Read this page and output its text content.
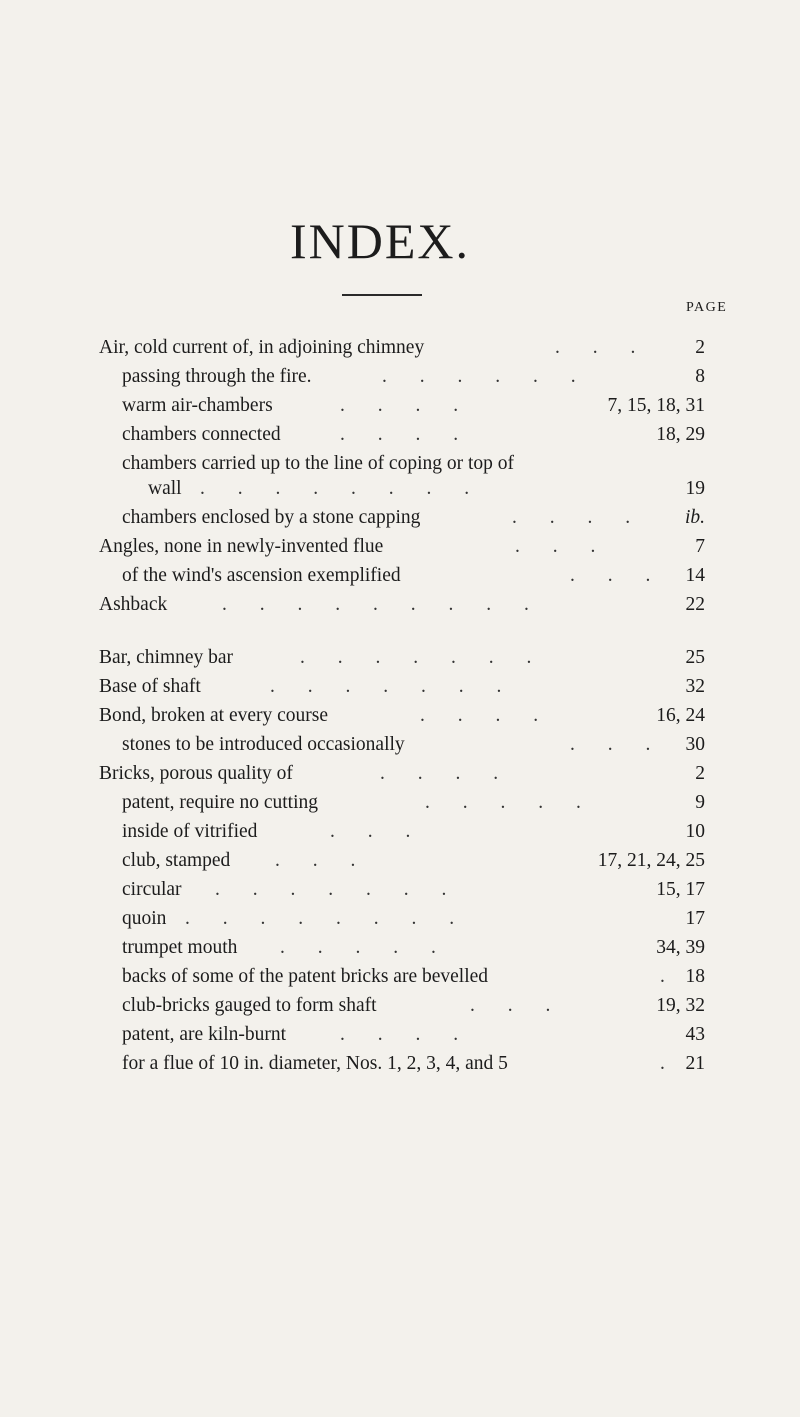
INDEX.
PAGE
Air, cold current of, in adjoining chimney	. . . 2
passing through the fire.	. . . . . .	8
warm air-chambers	. . . .	7, 15, 18, 31
chambers connected	. . . .	18, 29
chambers carried up to the line of coping or top of
wall . . . . . . . .	19
chambers enclosed by a stone capping	. . . . ib.
Angles, none in newly-invented flue	. . .	7
of the wind's ascension exemplified	. . . 14
Ashback	. . . . . . . . .	22
Bar, chimney bar	. . . . . . .	25
Base of shaft	. . . . . . .	32
Bond, broken at every course	. . . .	16, 24
stones to be introduced occasionally	. . . 30
Bricks, porous quality of	. . . .	2
patent, require no cutting	. . . . .	9
inside of vitrified	. . .	10
club, stamped . . .	17, 21, 24, 25
circular . . . . . . .	15, 17
quoin . . . . . . . .	17
trumpet mouth . . . . .	34, 39
backs of some of the patent bricks are bevelled	. 18
club-bricks gauged to form shaft	. . .	19, 32
patent, are kiln-burnt	. . . .	43
for a flue of 10 in. diameter, Nos. 1, 2, 3, 4, and 5	. 21
